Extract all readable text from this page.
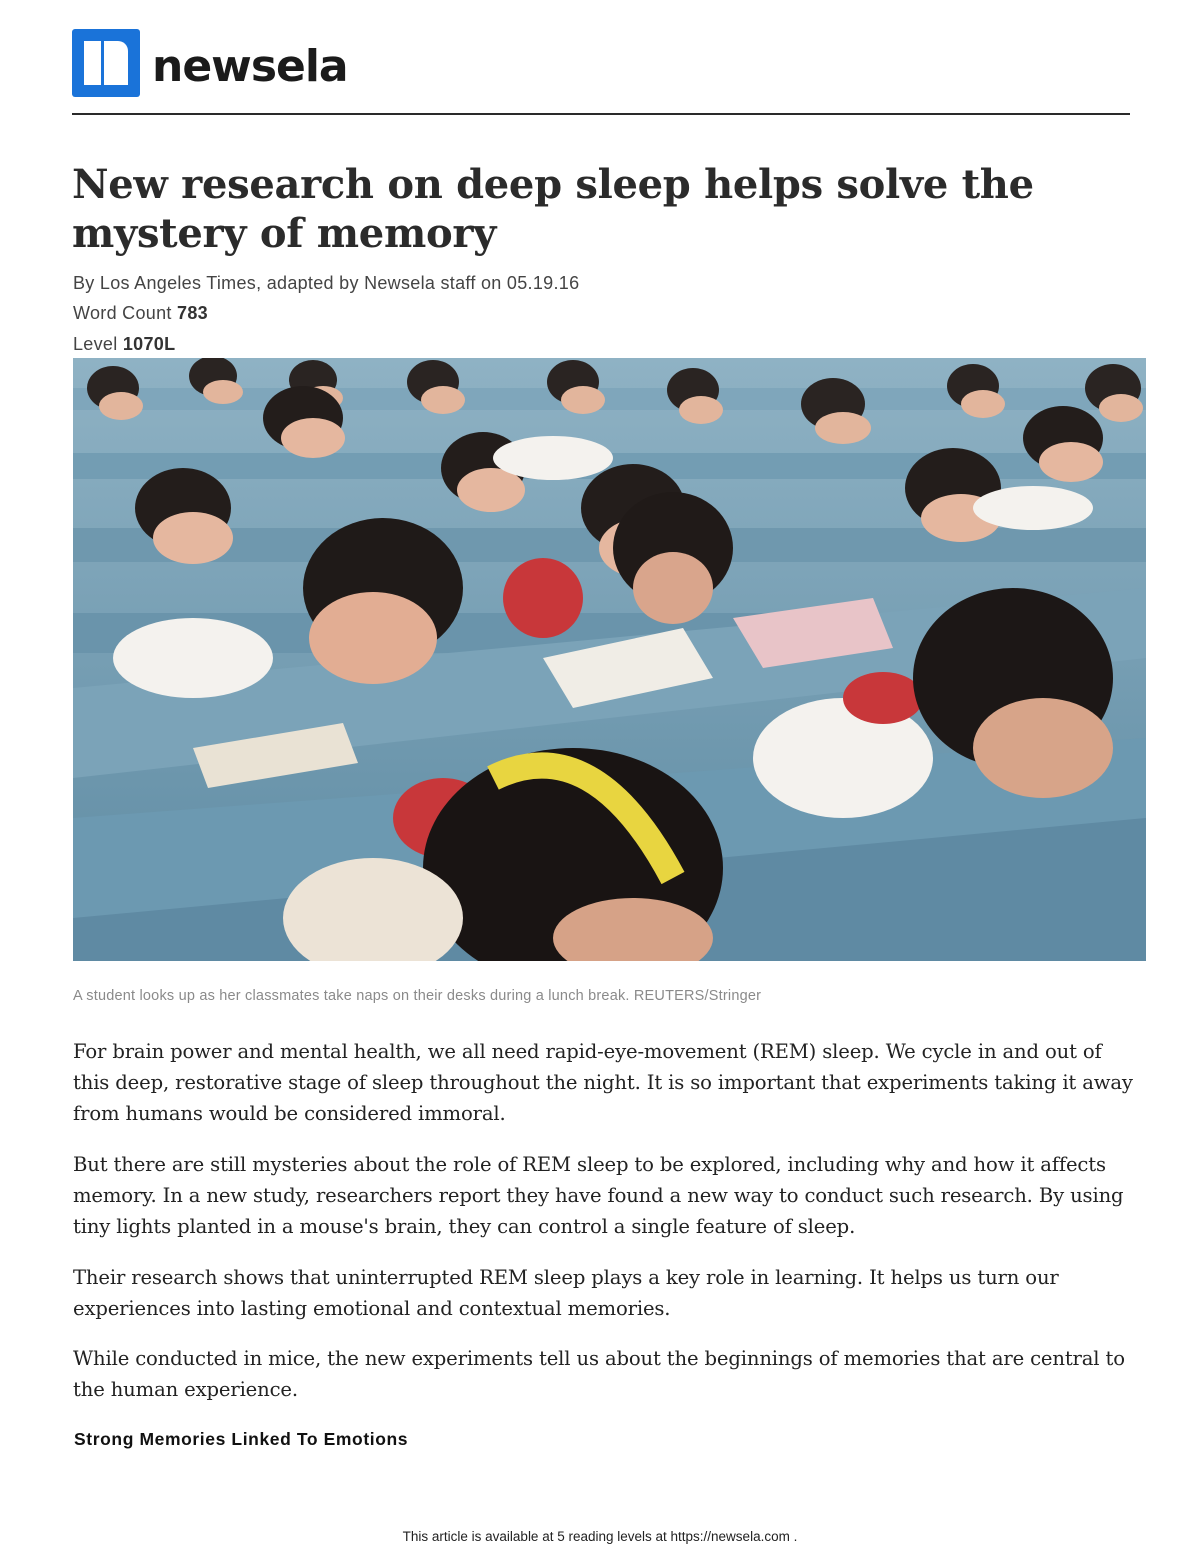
newsela
New research on deep sleep helps solve the mystery of memory
By Los Angeles Times, adapted by Newsela staff on 05.19.16
Word Count 783
Level 1070L
A student looks up as her classmates take naps on their desks during a lunch break. REUTERS/Stringer

For brain power and mental health, we all need rapid-eye-movement (REM) sleep. We cycle in and out of this deep, restorative stage of sleep throughout the night. It is so important that experiments taking it away from humans would be considered immoral.

But there are still mysteries about the role of REM sleep to be explored, including why and how it affects memory. In a new study, researchers report they have found a new way to conduct such research. By using tiny lights planted in a mouse's brain, they can control a single feature of sleep.

Their research shows that uninterrupted REM sleep plays a key role in learning. It helps us turn our experiences into lasting emotional and contextual memories.

While conducted in mice, the new experiments tell us about the beginnings of memories that are central to the human experience.

Strong Memories Linked To Emotions
This article is available at 5 reading levels at https://newsela.com .
